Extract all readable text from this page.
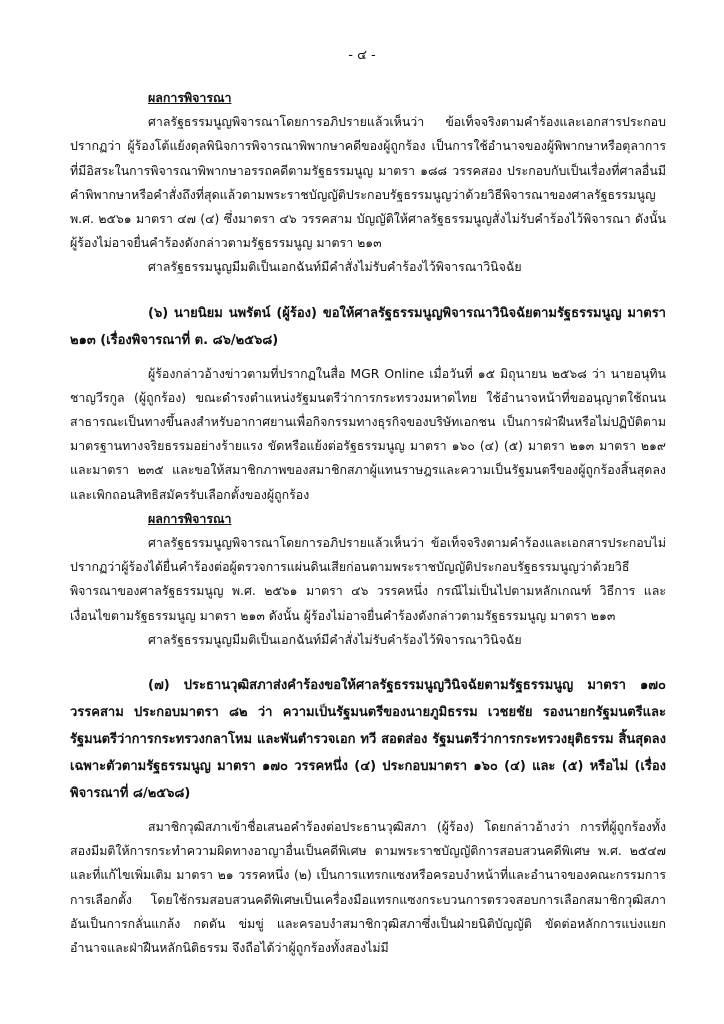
- ๔ -
ผลการพิจารณา

ศาลรัฐธรรมนูญพิจารณาโดยการอภิปรายแล้วเห็นว่า ข้อเท็จจริงตามคำร้องและเอกสารประกอบปรากฏว่า ผู้ร้องโต้แย้งดุลพินิจการพิจารณาพิพากษาคดีของผู้ถูกร้อง เป็นการใช้อำนาจของผู้พิพากษาหรือตุลาการที่มีอิสระในการพิจารณาพิพากษาอรรถคดีตามรัฐธรรมนูญ มาตรา ๑๘๘ วรรคสอง ประกอบกับเป็นเรื่องที่ศาลอื่นมีคำพิพากษาหรือคำสั่งถึงที่สุดแล้วตามพระราชบัญญัติประกอบรัฐธรรมนูญว่าด้วยวิธีพิจารณาของศาลรัฐธรรมนูญ พ.ศ. ๒๕๖๑ มาตรา ๔๗ (๔) ซึ่งมาตรา ๔๖ วรรคสาม บัญญัติให้ศาลรัฐธรรมนูญสั่งไม่รับคำร้องไว้พิจารณา ดังนั้น ผู้ร้องไม่อาจยื่นคำร้องดังกล่าวตามรัฐธรรมนูญ มาตรา ๒๑๓

ศาลรัฐธรรมนูญมีมติเป็นเอกฉันท์มีคำสั่งไม่รับคำร้องไว้พิจารณาวินิจฉัย

(๖) นายนิยม นพรัตน์ (ผู้ร้อง) ขอให้ศาลรัฐธรรมนูญพิจารณาวินิจฉัยตามรัฐธรรมนูญ มาตรา ๒๑๓ (เรื่องพิจารณาที่ ต. ๘๖/๒๕๖๘)

ผู้ร้องกล่าวอ้างข่าวตามที่ปรากฏในสื่อ MGR Online เมื่อวันที่ ๑๕ มิถุนายน ๒๕๖๘ ว่า นายอนุทิน ชาญวีรกูล (ผู้ถูกร้อง) ขณะดำรงตำแหน่งรัฐมนตรีว่าการกระทรวงมหาดไทย ใช้อำนาจหน้าที่ขออนุญาตใช้ถนนสาธารณะเป็นทางขึ้นลงสำหรับอากาศยานเพื่อกิจกรรมทางธุรกิจของบริษัทเอกชน เป็นการฝ่าฝืนหรือไม่ปฏิบัติตามมาตรฐานทางจริยธรรมอย่างร้ายแรง ขัดหรือแย้งต่อรัฐธรรมนูญ มาตรา ๑๖๐ (๔) (๕) มาตรา ๒๑๓ มาตรา ๒๑๙ และมาตรา ๒๓๕ และขอให้สมาชิกภาพของสมาชิกสภาผู้แทนราษฎรและความเป็นรัฐมนตรีของผู้ถูกร้องสิ้นสุดลง และเพิกถอนสิทธิสมัครรับเลือกตั้งของผู้ถูกร้อง

ผลการพิจารณา

ศาลรัฐธรรมนูญพิจารณาโดยการอภิปรายแล้วเห็นว่า ข้อเท็จจริงตามคำร้องและเอกสารประกอบไม่ปรากฏว่าผู้ร้องได้ยื่นคำร้องต่อผู้ตรวจการแผ่นดินเสียก่อนตามพระราชบัญญัติประกอบรัฐธรรมนูญว่าด้วยวิธีพิจารณาของศาลรัฐธรรมนูญ พ.ศ. ๒๕๖๑ มาตรา ๔๖ วรรคหนึ่ง กรณีไม่เป็นไปตามหลักเกณฑ์ วิธีการ และเงื่อนไขตามรัฐธรรมนูญ มาตรา ๒๑๓ ดังนั้น ผู้ร้องไม่อาจยื่นคำร้องดังกล่าวตามรัฐธรรมนูญ มาตรา ๒๑๓

ศาลรัฐธรรมนูญมีมติเป็นเอกฉันท์มีคำสั่งไม่รับคำร้องไว้พิจารณาวินิจฉัย

(๗) ประธานวุฒิสภาส่งคำร้องขอให้ศาลรัฐธรรมนูญวินิจฉัยตามรัฐธรรมนูญ มาตรา ๑๗๐ วรรคสาม ประกอบมาตรา ๘๒ ว่า ความเป็นรัฐมนตรีของนายภูมิธรรม เวชยชัย รองนายกรัฐมนตรีและรัฐมนตรีว่าการกระทรวงกลาโหม และพันตำรวจเอก ทวี สอดส่อง รัฐมนตรีว่าการกระทรวงยุติธรรม สิ้นสุดลงเฉพาะตัวตามรัฐธรรมนูญ มาตรา ๑๗๐ วรรคหนึ่ง (๔) ประกอบมาตรา ๑๖๐ (๔) และ (๕) หรือไม่ (เรื่องพิจารณาที่ ๘/๒๕๖๘)

สมาชิกวุฒิสภาเข้าชื่อเสนอคำร้องต่อประธานวุฒิสภา (ผู้ร้อง) โดยกล่าวอ้างว่า การที่ผู้ถูกร้องทั้งสองมีมติให้การกระทำความผิดทางอาญาอื่นเป็นคดีพิเศษ ตามพระราชบัญญัติการสอบสวนคดีพิเศษ พ.ศ. ๒๕๔๗ และที่แก้ไขเพิ่มเติม มาตรา ๒๑ วรรคหนึ่ง (๒) เป็นการแทรกแซงหรือครอบงำหน้าที่และอำนาจของคณะกรรมการการเลือกตั้ง โดยใช้กรมสอบสวนคดีพิเศษเป็นเครื่องมือแทรกแซงกระบวนการตรวจสอบการเลือกสมาชิกวุฒิสภา อันเป็นการกลั่นแกล้ง กดดัน ข่มขู่ และครอบงำสมาชิกวุฒิสภาซึ่งเป็นฝ่ายนิติบัญญัติ ขัดต่อหลักการแบ่งแยกอำนาจและฝ่าฝืนหลักนิติธรรม จึงถือได้ว่าผู้ถูกร้องทั้งสองไม่มี
